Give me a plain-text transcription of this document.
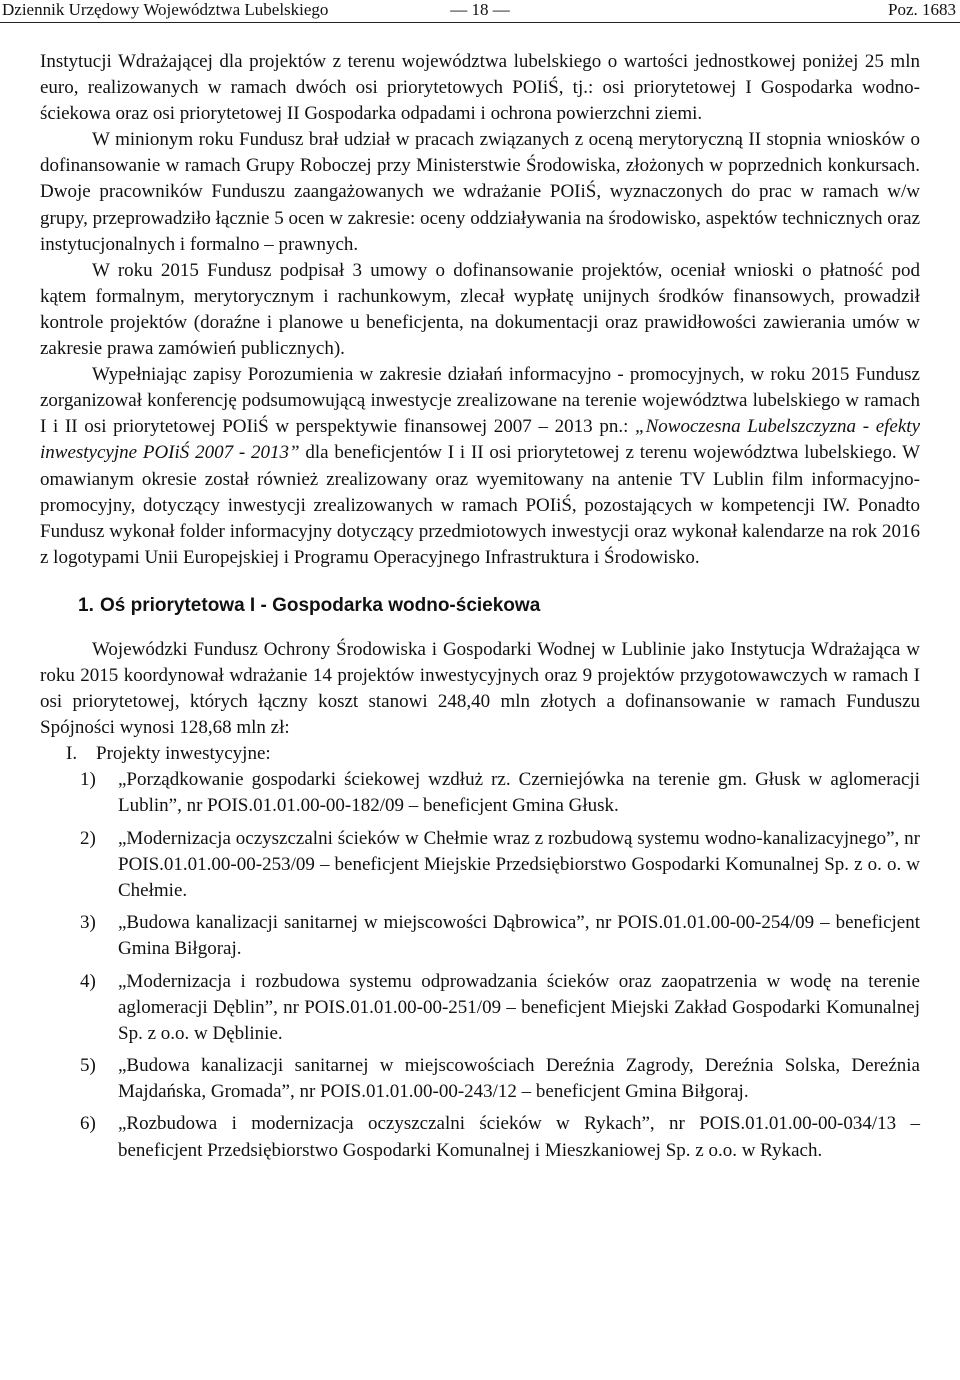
Dziennik Urzędowy Województwa Lubelskiego	— 18 —	Poz. 1683

Instytucji Wdrażającej dla projektów z terenu województwa lubelskiego o wartości jednostkowej poniżej 25 mln euro, realizowanych w ramach dwóch osi priorytetowych POIiŚ, tj.: osi priorytetowej I Gospodarka wodno-ściekowa oraz osi priorytetowej II Gospodarka odpadami i ochrona powierzchni ziemi.

W minionym roku Fundusz brał udział w pracach związanych z oceną merytoryczną II stopnia wniosków o dofinansowanie w ramach Grupy Roboczej przy Ministerstwie Środowiska, złożonych w poprzednich konkursach. Dwoje pracowników Funduszu zaangażowanych we wdrażanie POIiŚ, wyznaczonych do prac w ramach w/w grupy, przeprowadziło łącznie 5 ocen w zakresie: oceny oddziaływania na środowisko, aspektów technicznych oraz instytucjonalnych i formalno – prawnych.

W roku 2015 Fundusz podpisał 3 umowy o dofinansowanie projektów, oceniał wnioski o płatność pod kątem formalnym, merytorycznym i rachunkowym, zlecał wypłatę unijnych środków finansowych, prowadził kontrole projektów (doraźne i planowe u beneficjenta, na dokumentacji oraz prawidłowości zawierania umów w zakresie prawa zamówień publicznych).

Wypełniając zapisy Porozumienia w zakresie działań informacyjno - promocyjnych, w roku 2015 Fundusz zorganizował konferencję podsumowującą inwestycje zrealizowane na terenie województwa lubelskiego w ramach I i II osi priorytetowej POIiŚ w perspektywie finansowej 2007 – 2013 pn.: „Nowoczesna Lubelszczyzna - efekty inwestycyjne POIiŚ 2007 - 2013” dla beneficjentów I i II osi priorytetowej z terenu województwa lubelskiego. W omawianym okresie został również zrealizowany oraz wyemitowany na antenie TV Lublin film informacyjno-promocyjny, dotyczący inwestycji zrealizowanych w ramach POIiŚ, pozostających w kompetencji IW. Ponadto Fundusz wykonał folder informacyjny dotyczący przedmiotowych inwestycji oraz wykonał kalendarze na rok 2016 z logotypami Unii Europejskiej i Programu Operacyjnego Infrastruktura i Środowisko.

1. Oś priorytetowa I - Gospodarka wodno-ściekowa

Wojewódzki Fundusz Ochrony Środowiska i Gospodarki Wodnej w Lublinie jako Instytucja Wdrażająca w roku 2015 koordynował wdrażanie 14 projektów inwestycyjnych oraz 9 projektów przygotowawczych w ramach I osi priorytetowej, których łączny koszt stanowi 248,40 mln złotych a dofinansowanie w ramach Funduszu Spójności wynosi 128,68 mln zł:

I. Projekty inwestycyjne:

1) „Porządkowanie gospodarki ściekowej wzdłuż rz. Czerniejówka na terenie gm. Głusk w aglomeracji Lublin”, nr POIS.01.01.00-00-182/09 – beneficjent Gmina Głusk.
2) „Modernizacja oczyszczalni ścieków w Chełmie wraz z rozbudową systemu wodno-kanalizacyjnego”, nr POIS.01.01.00-00-253/09 – beneficjent Miejskie Przedsiębiorstwo Gospodarki Komunalnej Sp. z o. o. w Chełmie.
3) „Budowa kanalizacji sanitarnej w miejscowości Dąbrowica”, nr POIS.01.01.00-00-254/09 – beneficjent Gmina Biłgoraj.
4) „Modernizacja i rozbudowa systemu odprowadzania ścieków oraz zaopatrzenia w wodę na terenie aglomeracji Dęblin”, nr POIS.01.01.00-00-251/09 – beneficjent Miejski Zakład Gospodarki Komunalnej Sp. z o.o. w Dęblinie.
5) „Budowa kanalizacji sanitarnej w miejscowościach Dereźnia Zagrody, Dereźnia Solska, Dereźnia Majdańska, Gromada”, nr POIS.01.01.00-00-243/12 – beneficjent Gmina Biłgoraj.
6) „Rozbudowa i modernizacja oczyszczalni ścieków w Rykach”, nr POIS.01.01.00-00-034/13 – beneficjent Przedsiębiorstwo Gospodarki Komunalnej i Mieszkaniowej Sp. z o.o. w Rykach.
